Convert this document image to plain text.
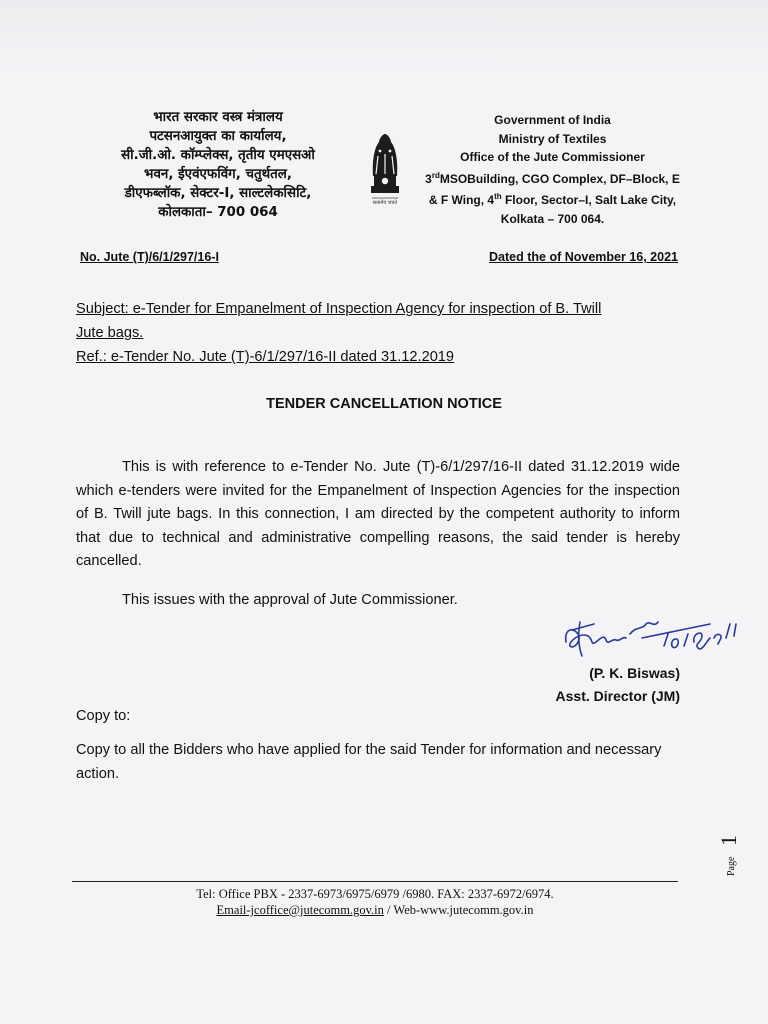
भारत सरकार वस्त्र मंत्रालय
पटसनआयुक्त का कार्यालय,
सी.जी.ओ. कॉम्प्लेक्स, तृतीय एमएसओ
भवन, ईएवंएफविंग, चतुर्थतल,
डीएफब्लॉक, सेक्टर-I, साल्टलेकसिटि,
कोलकाता– 700 064
सत्यमेव जयते
Government of India
Ministry of Textiles
Office of the Jute Commissioner
3rdMSOBuilding, CGO Complex, DF–Block, E
& F Wing, 4th Floor, Sector–I, Salt Lake City,
Kolkata – 700 064.
No. Jute (T)/6/1/297/16-I	Dated the of November 16, 2021
Subject: e-Tender for Empanelment of Inspection Agency for inspection of B. Twill
Jute bags.
Ref.: e-Tender No. Jute (T)-6/1/297/16-II dated 31.12.2019
TENDER CANCELLATION NOTICE
This is with reference to e-Tender No. Jute (T)-6/1/297/16-II dated 31.12.2019 wide which e-tenders were invited for the Empanelment of Inspection Agencies for the inspection of B. Twill jute bags. In this connection, I am directed by the competent authority to inform that due to technical and administrative compelling reasons, the said tender is hereby cancelled.
This issues with the approval of Jute Commissioner.
(P. K. Biswas)
Asst. Director (JM)
Copy to:
Copy to all the Bidders who have applied for the said Tender for information and necessary action.
Page
1
Tel: Office PBX - 2337-6973/6975/6979 /6980. FAX: 2337-6972/6974.
Email-jcoffice@jutecomm.gov.in / Web-www.jutecomm.gov.in
